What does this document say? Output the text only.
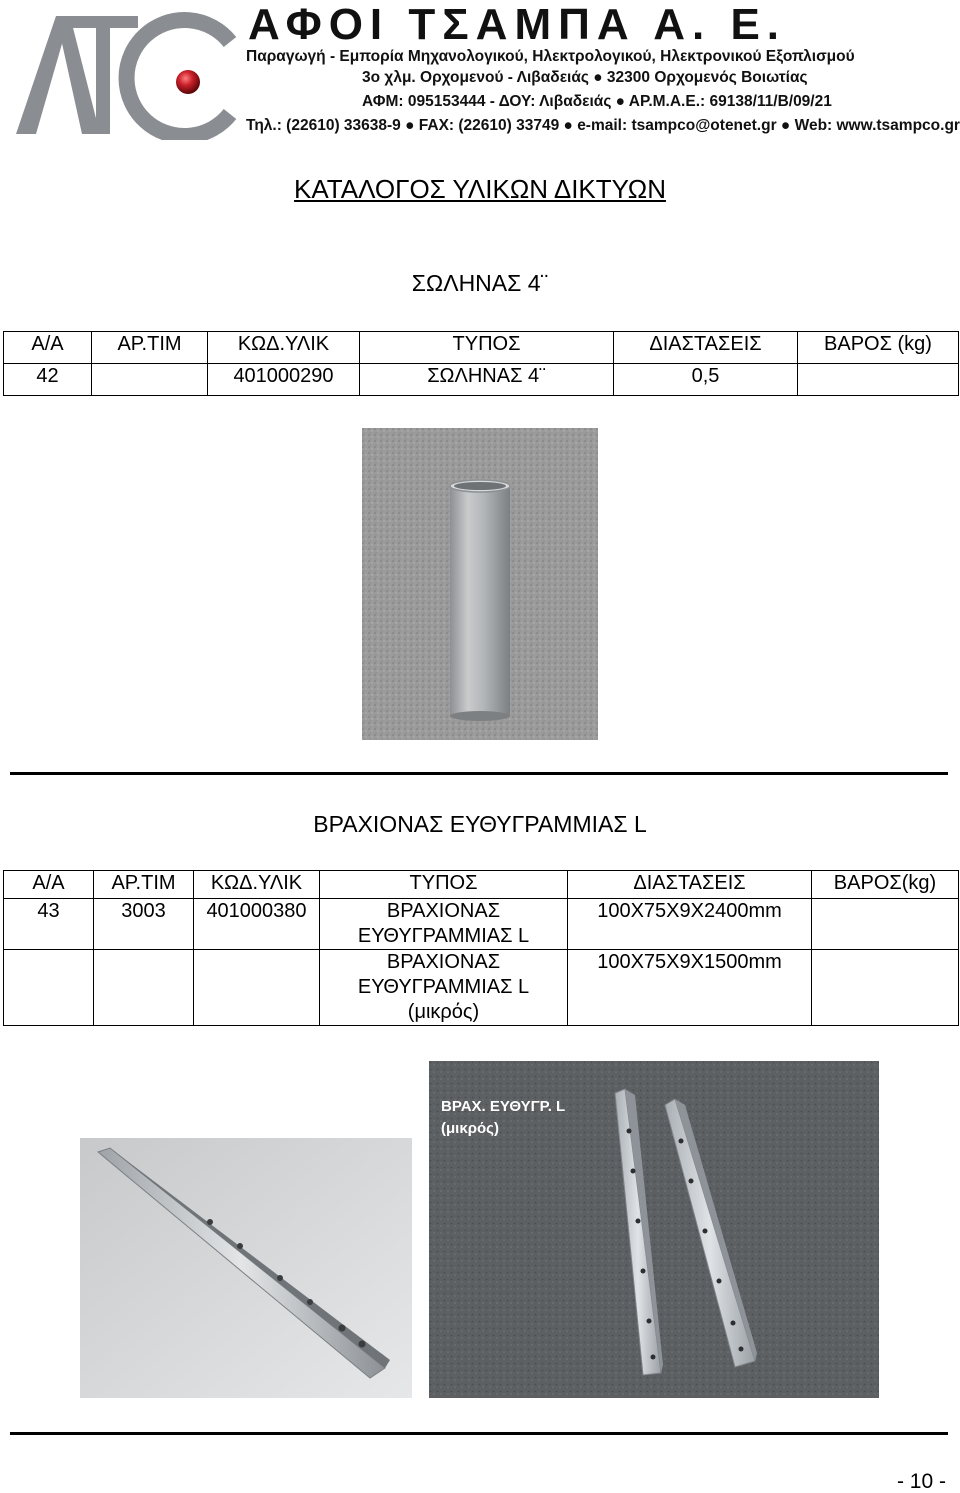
ΑΦΟΙ ΤΣΑΜΠΑ Α. Ε.
Παραγωγή - Εμπορία Μηχανολογικού, Ηλεκτρολογικού, Ηλεκτρονικού Εξοπλισμού
3o χλμ. Ορχομενού - Λιβαδειάς ● 32300 Ορχομενός Βοιωτίας
ΑΦΜ: 095153444 - ΔΟΥ: Λιβαδειάς ● ΑΡ.Μ.Α.Ε.: 69138/11/Β/09/21
Τηλ.: (22610) 33638-9 ● FAX: (22610) 33749 ● e-mail: tsampco@otenet.gr ● Web: www.tsampco.gr
ΚΑΤΑΛΟΓΟΣ ΥΛΙΚΩΝ ΔΙΚΤΥΩΝ
ΣΩΛΗΝΑΣ 4¨
Α/Α	ΑΡ.ΤΙΜ	ΚΩΔ.ΥΛΙΚ	ΤΥΠΟΣ	ΔΙΑΣΤΑΣΕΙΣ	ΒΑΡΟΣ (kg)
42		401000290	ΣΩΛΗΝΑΣ 4¨	0,5	
ΒΡΑΧΙΟΝΑΣ ΕΥΘΥΓΡΑΜΜΙΑΣ L
Α/Α	ΑΡ.ΤΙΜ	ΚΩΔ.ΥΛΙΚ	ΤΥΠΟΣ	ΔΙΑΣΤΑΣΕΙΣ	ΒΑΡΟΣ(kg)
43	3003	401000380	ΒΡΑΧΙΟΝΑΣ ΕΥΘΥΓΡΑΜΜΙΑΣ L	100Χ75Χ9Χ2400mm	
			ΒΡΑΧΙΟΝΑΣ ΕΥΘΥΓΡΑΜΜΙΑΣ L (μικρός)	100Χ75Χ9Χ1500mm	
ΒΡΑΧ. ΕΥΘΥΓΡ. L
(μικρός)
- 10 -
